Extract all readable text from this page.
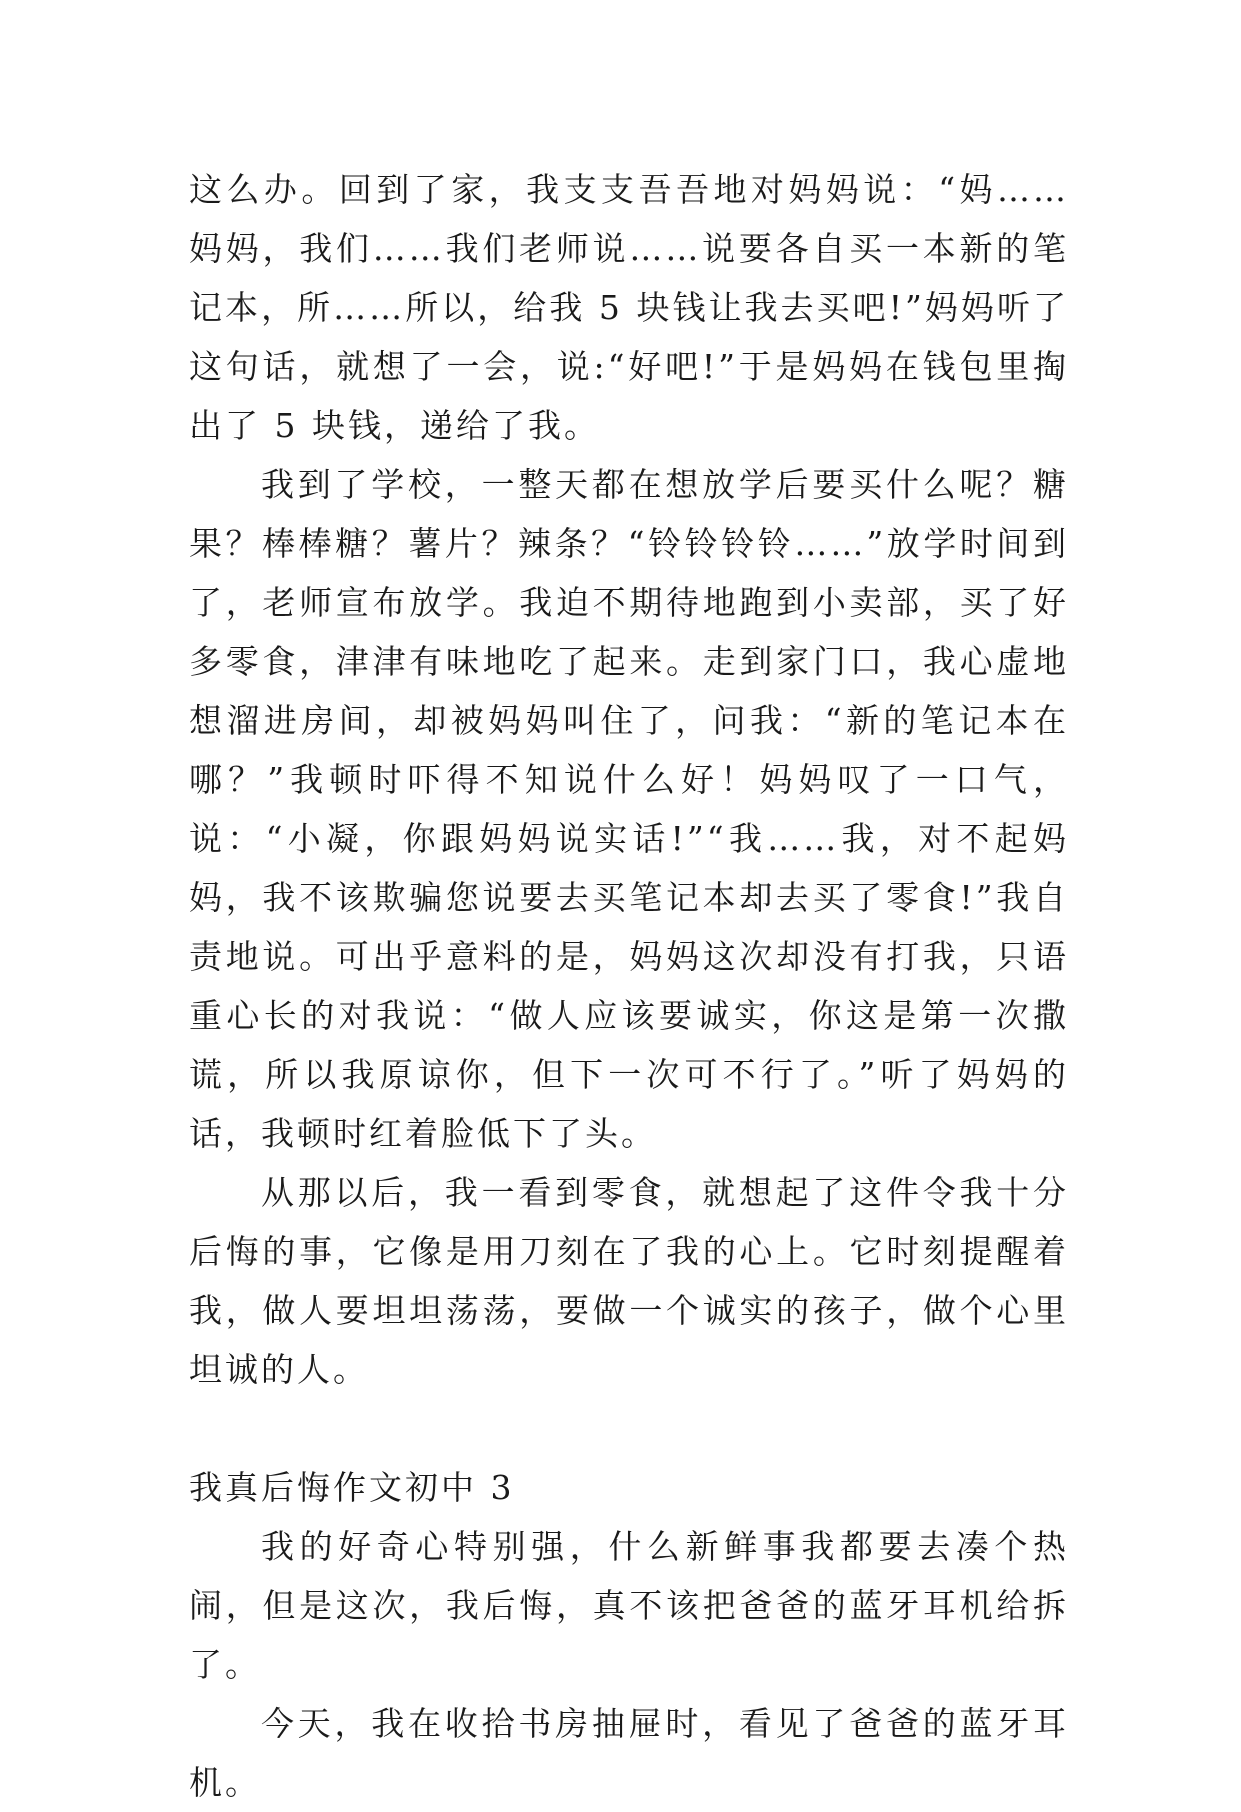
这么办。回到了家，我支支吾吾地对妈妈说：“妈……妈妈，我们……我们老师说……说要各自买一本新的笔记本，所……所以，给我 5 块钱让我去买吧!”妈妈听了这句话，就想了一会，说:“好吧!”于是妈妈在钱包里掏出了 5 块钱，递给了我。

我到了学校，一整天都在想放学后要买什么呢？糖果？棒棒糖？薯片？辣条？“铃铃铃铃……”放学时间到了，老师宣布放学。我迫不期待地跑到小卖部，买了好多零食，津津有味地吃了起来。走到家门口，我心虚地想溜进房间，却被妈妈叫住了，问我：“新的笔记本在哪？”我顿时吓得不知说什么好！妈妈叹了一口气，说：“小凝，你跟妈妈说实话!”“我……我，对不起妈妈，我不该欺骗您说要去买笔记本却去买了零食!”我自责地说。可出乎意料的是，妈妈这次却没有打我，只语重心长的对我说：“做人应该要诚实，你这是第一次撒谎，所以我原谅你，但下一次可不行了。”听了妈妈的话，我顿时红着脸低下了头。

从那以后，我一看到零食，就想起了这件令我十分后悔的事，它像是用刀刻在了我的心上。它时刻提醒着我，做人要坦坦荡荡，要做一个诚实的孩子，做个心里坦诚的人。

我真后悔作文初中 3

我的好奇心特别强，什么新鲜事我都要去凑个热闹，但是这次，我后悔，真不该把爸爸的蓝牙耳机给拆了。

今天，我在收拾书房抽屉时，看见了爸爸的蓝牙耳机。
